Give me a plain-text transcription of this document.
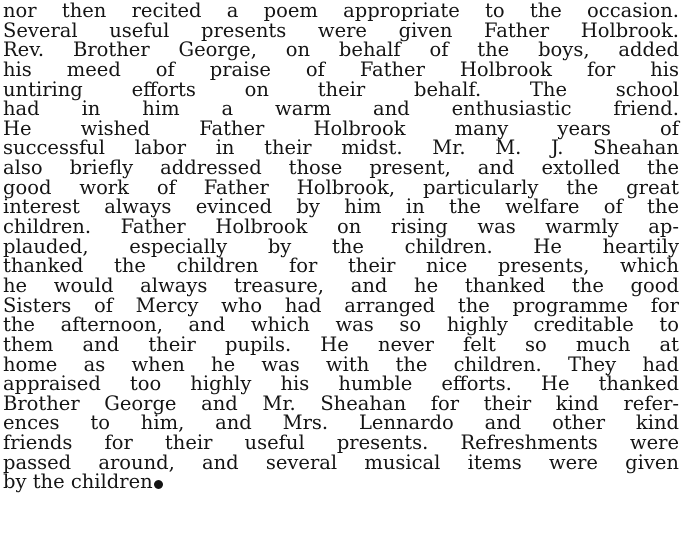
nor then recited a poem appropriate to the occasion.
Several useful presents were given Father Holbrook.
Rev. Brother George, on behalf of the boys, added
his meed of praise of Father Holbrook for his
untiring efforts on their behalf. The school
had in him a warm and enthusiastic friend.
He wished Father Holbrook many years of
successful labor in their midst. Mr. M. J. Sheahan
also briefly addressed those present, and extolled the
good work of Father Holbrook, particularly the great
interest always evinced by him in the welfare of the
children. Father Holbrook on rising was warmly ap-
plauded, especially by the children. He heartily
thanked the children for their nice presents, which
he would always treasure, and he thanked the good
Sisters of Mercy who had arranged the programme for
the afternoon, and which was so highly creditable to
them and their pupils. He never felt so much at
home as when he was with the children. They had
appraised too highly his humble efforts. He thanked
Brother George and Mr. Sheahan for their kind refer-
ences to him, and Mrs. Lennardo and other kind
friends for their useful presents. Refreshments were
passed around, and several musical items were given
by the children
